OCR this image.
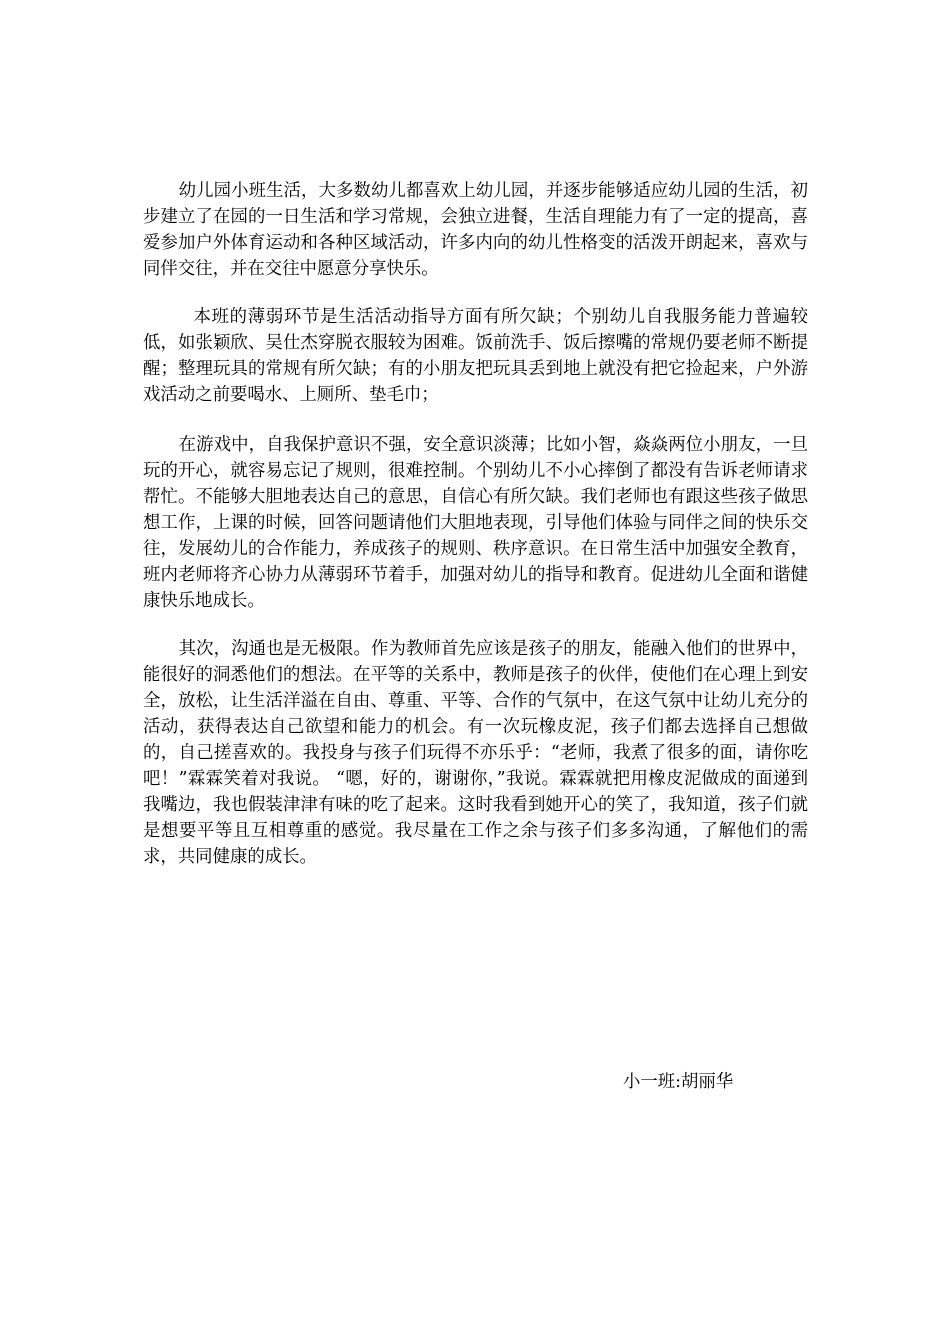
幼儿园小班生活，大多数幼儿都喜欢上幼儿园，并逐步能够适应幼儿园的生活，初步建立了在园的一日生活和学习常规，会独立进餐，生活自理能力有了一定的提高，喜爱参加户外体育运动和各种区域活动，许多内向的幼儿性格变的活泼开朗起来，喜欢与同伴交往，并在交往中愿意分享快乐。

本班的薄弱环节是生活活动指导方面有所欠缺；个别幼儿自我服务能力普遍较低，如张颖欣、吴仕杰穿脱衣服较为困难。饭前洗手、饭后擦嘴的常规仍要老师不断提醒；整理玩具的常规有所欠缺；有的小朋友把玩具丢到地上就没有把它捡起来，户外游戏活动之前要喝水、上厕所、垫毛巾；

在游戏中，自我保护意识不强，安全意识淡薄；比如小智，焱焱两位小朋友，一旦玩的开心，就容易忘记了规则，很难控制。个别幼儿不小心摔倒了都没有告诉老师请求帮忙。不能够大胆地表达自己的意思，自信心有所欠缺。我们老师也有跟这些孩子做思想工作，上课的时候，回答问题请他们大胆地表现，引导他们体验与同伴之间的快乐交往，发展幼儿的合作能力，养成孩子的规则、秩序意识。在日常生活中加强安全教育，班内老师将齐心协力从薄弱环节着手，加强对幼儿的指导和教育。促进幼儿全面和谐健康快乐地成长。

其次，沟通也是无极限。作为教师首先应该是孩子的朋友，能融入他们的世界中，能很好的洞悉他们的想法。在平等的关系中，教师是孩子的伙伴，使他们在心理上到安全，放松，让生活洋溢在自由、尊重、平等、合作的气氛中，在这气氛中让幼儿充分的活动，获得表达自己欲望和能力的机会。有一次玩橡皮泥，孩子们都去选择自己想做的，自己搓喜欢的。我投身与孩子们玩得不亦乐乎：“老师，我煮了很多的面，请你吃吧！”霖霖笑着对我说。 “嗯，好的，谢谢你，”我说。霖霖就把用橡皮泥做成的面递到我嘴边，我也假装津津有味的吃了起来。这时我看到她开心的笑了，我知道，孩子们就是想要平等且互相尊重的感觉。我尽量在工作之余与孩子们多多沟通，了解他们的需求，共同健康的成长。

小一班:胡丽华
